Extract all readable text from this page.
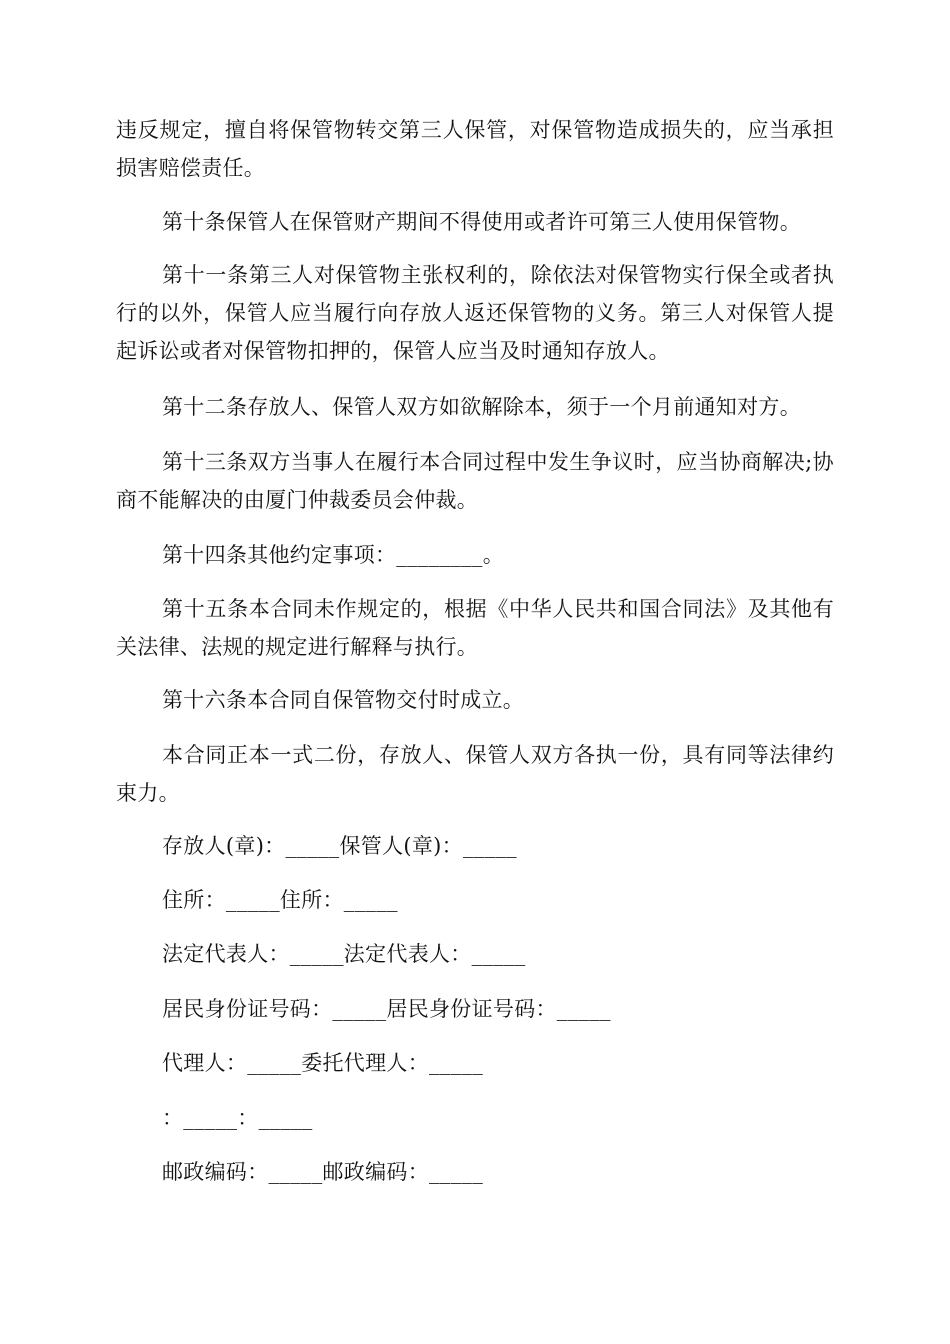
违反规定，擅自将保管物转交第三人保管，对保管物造成损失的，应当承担损害赔偿责任。

第十条保管人在保管财产期间不得使用或者许可第三人使用保管物。

第十一条第三人对保管物主张权利的，除依法对保管物实行保全或者执行的以外，保管人应当履行向存放人返还保管物的义务。第三人对保管人提起诉讼或者对保管物扣押的，保管人应当及时通知存放人。

第十二条存放人、保管人双方如欲解除本，须于一个月前通知对方。

第十三条双方当事人在履行本合同过程中发生争议时，应当协商解决;协商不能解决的由厦门仲裁委员会仲裁。

第十四条其他约定事项：________。

第十五条本合同未作规定的，根据《中华人民共和国合同法》及其他有关法律、法规的规定进行解释与执行。

第十六条本合同自保管物交付时成立。

本合同正本一式二份，存放人、保管人双方各执一份，具有同等法律约束力。

存放人(章)：_____保管人(章)：_____

住所：_____住所：_____

法定代表人：_____法定代表人：_____

居民身份证号码：_____居民身份证号码：_____

代理人：_____委托代理人：_____

：_____：_____

邮政编码：_____邮政编码：_____
